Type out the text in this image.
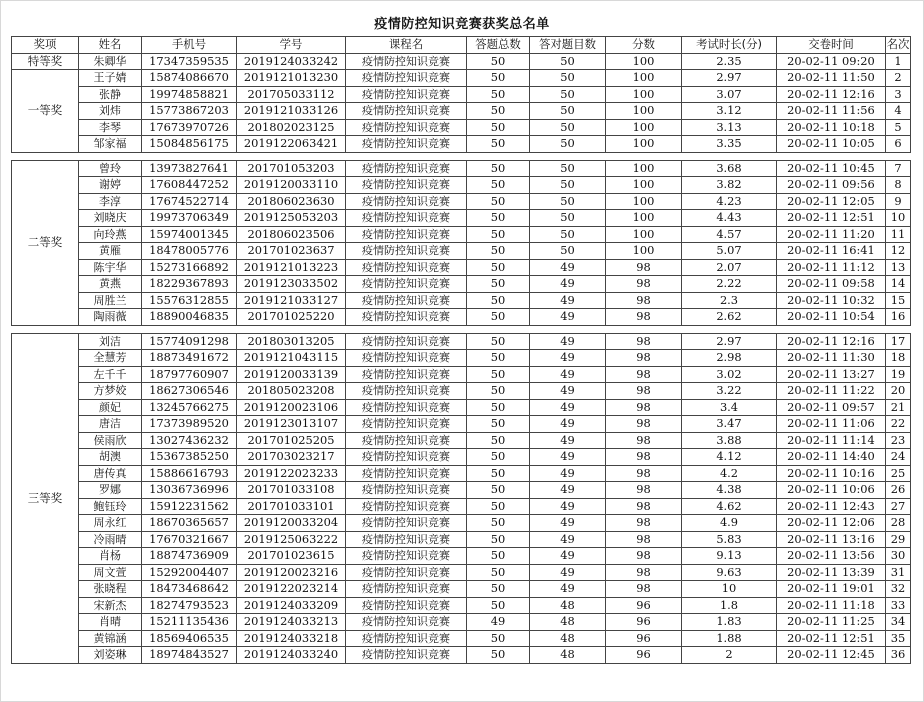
疫情防控知识竞赛获奖总名单
奖项	姓名	手机号	学号	课程名	答题总数	答对题目数	分数	考试时长(分)	交卷时间	名次
特等奖	朱卿华	17347359535	2019124033242	疫情防控知识竞赛	50	50	100	2.35	20-02-11 09:20	1
一等奖	王子婧	15874086670	2019121013230	疫情防控知识竞赛	50	50	100	2.97	20-02-11 11:50	2
	张静	19974858821	201705033112	疫情防控知识竞赛	50	50	100	3.07	20-02-11 12:16	3
	刘炜	15773867203	2019121033126	疫情防控知识竞赛	50	50	100	3.12	20-02-11 11:56	4
	李琴	17673970726	201802023125	疫情防控知识竞赛	50	50	100	3.13	20-02-11 10:18	5
	邹家福	15084856175	2019122063421	疫情防控知识竞赛	50	50	100	3.35	20-02-11 10:05	6

二等奖	曾玲	13973827641	201701053203	疫情防控知识竞赛	50	50	100	3.68	20-02-11 10:45	7
	谢婷	17608447252	2019120033110	疫情防控知识竞赛	50	50	100	3.82	20-02-11 09:56	8
	李淳	17674522714	201806023630	疫情防控知识竞赛	50	50	100	4.23	20-02-11 12:05	9
	刘晓庆	19973706349	2019125053203	疫情防控知识竞赛	50	50	100	4.43	20-02-11 12:51	10
	向玲燕	15974001345	201806023506	疫情防控知识竞赛	50	50	100	4.57	20-02-11 11:20	11
	黄雁	18478005776	201701023637	疫情防控知识竞赛	50	50	100	5.07	20-02-11 16:41	12
	陈宇华	15273166892	2019121013223	疫情防控知识竞赛	50	49	98	2.07	20-02-11 11:12	13
	黄燕	18229367893	2019123033502	疫情防控知识竞赛	50	49	98	2.22	20-02-11 09:58	14
	周胜兰	15576312855	2019121033127	疫情防控知识竞赛	50	49	98	2.3	20-02-11 10:32	15
	陶雨薇	18890046835	201701025220	疫情防控知识竞赛	50	49	98	2.62	20-02-11 10:54	16

三等奖	刘洁	15774091298	201803013205	疫情防控知识竞赛	50	49	98	2.97	20-02-11 12:16	17
	全慧芳	18873491672	2019121043115	疫情防控知识竞赛	50	49	98	2.98	20-02-11 11:30	18
	左千千	18797760907	2019120033139	疫情防控知识竞赛	50	49	98	3.02	20-02-11 13:27	19
	方梦姣	18627306546	201805023208	疫情防控知识竞赛	50	49	98	3.22	20-02-11 11:22	20
	颜妃	13245766275	2019120023106	疫情防控知识竞赛	50	49	98	3.4	20-02-11 09:57	21
	唐洁	17373989520	2019123013107	疫情防控知识竞赛	50	49	98	3.47	20-02-11 11:06	22
	侯雨欣	13027436232	201701025205	疫情防控知识竞赛	50	49	98	3.88	20-02-11 11:14	23
	胡澳	15367385250	201703023217	疫情防控知识竞赛	50	49	98	4.12	20-02-11 14:40	24
	唐传真	15886616793	2019122023233	疫情防控知识竞赛	50	49	98	4.2	20-02-11 10:16	25
	罗娜	13036736996	201701033108	疫情防控知识竞赛	50	49	98	4.38	20-02-11 10:06	26
	鲍钰玲	15912231562	201701033101	疫情防控知识竞赛	50	49	98	4.62	20-02-11 12:43	27
	周永红	18670365657	2019120033204	疫情防控知识竞赛	50	49	98	4.9	20-02-11 12:06	28
	冷雨晴	17670321667	2019125063222	疫情防控知识竞赛	50	49	98	5.83	20-02-11 13:16	29
	肖杨	18874736909	201701023615	疫情防控知识竞赛	50	49	98	9.13	20-02-11 13:56	30
	周文萱	15292004407	2019120023216	疫情防控知识竞赛	50	49	98	9.63	20-02-11 13:39	31
	张晓程	18473468642	2019122023214	疫情防控知识竞赛	50	49	98	10	20-02-11 19:01	32
	宋新杰	18274793523	2019124033209	疫情防控知识竞赛	50	48	96	1.8	20-02-11 11:18	33
	肖晴	15211135436	2019124033213	疫情防控知识竞赛	49	48	96	1.83	20-02-11 11:25	34
	黄锦涵	18569406535	2019124033218	疫情防控知识竞赛	50	48	96	1.88	20-02-11 12:51	35
	刘姿琳	18974843527	2019124033240	疫情防控知识竞赛	50	48	96	2	20-02-11 12:45	36
